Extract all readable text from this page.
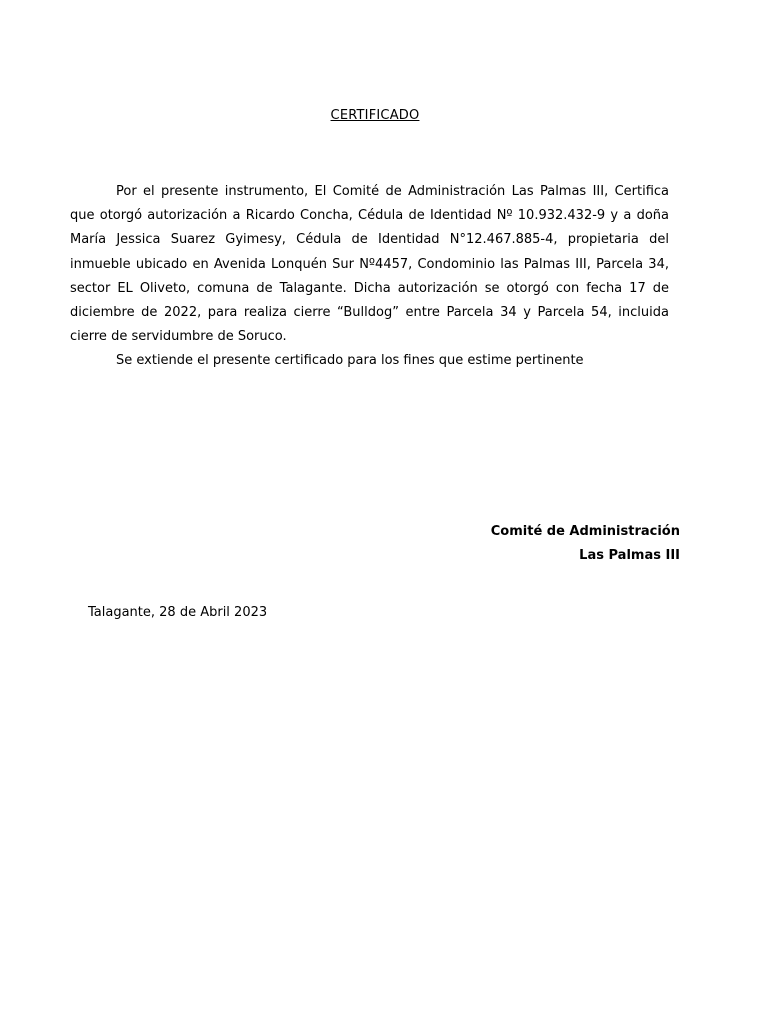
CERTIFICADO

Por el presente instrumento, El Comité de Administración Las Palmas III, Certifica que otorgó autorización a Ricardo Concha, Cédula de Identidad Nº 10.932.432-9 y a doña María Jessica Suarez Gyimesy, Cédula de Identidad N°12.467.885-4, propietaria del inmueble ubicado en Avenida Lonquén Sur Nº4457, Condominio las Palmas III, Parcela 34, sector EL Oliveto, comuna de Talagante. Dicha autorización se otorgó con fecha 17 de diciembre de 2022, para realiza cierre “Bulldog” entre Parcela 34 y Parcela 54, incluida cierre de servidumbre de Soruco.

Se extiende el presente certificado para los fines que estime pertinente

Comité de Administración
Las Palmas III
Talagante, 28 de Abril 2023
